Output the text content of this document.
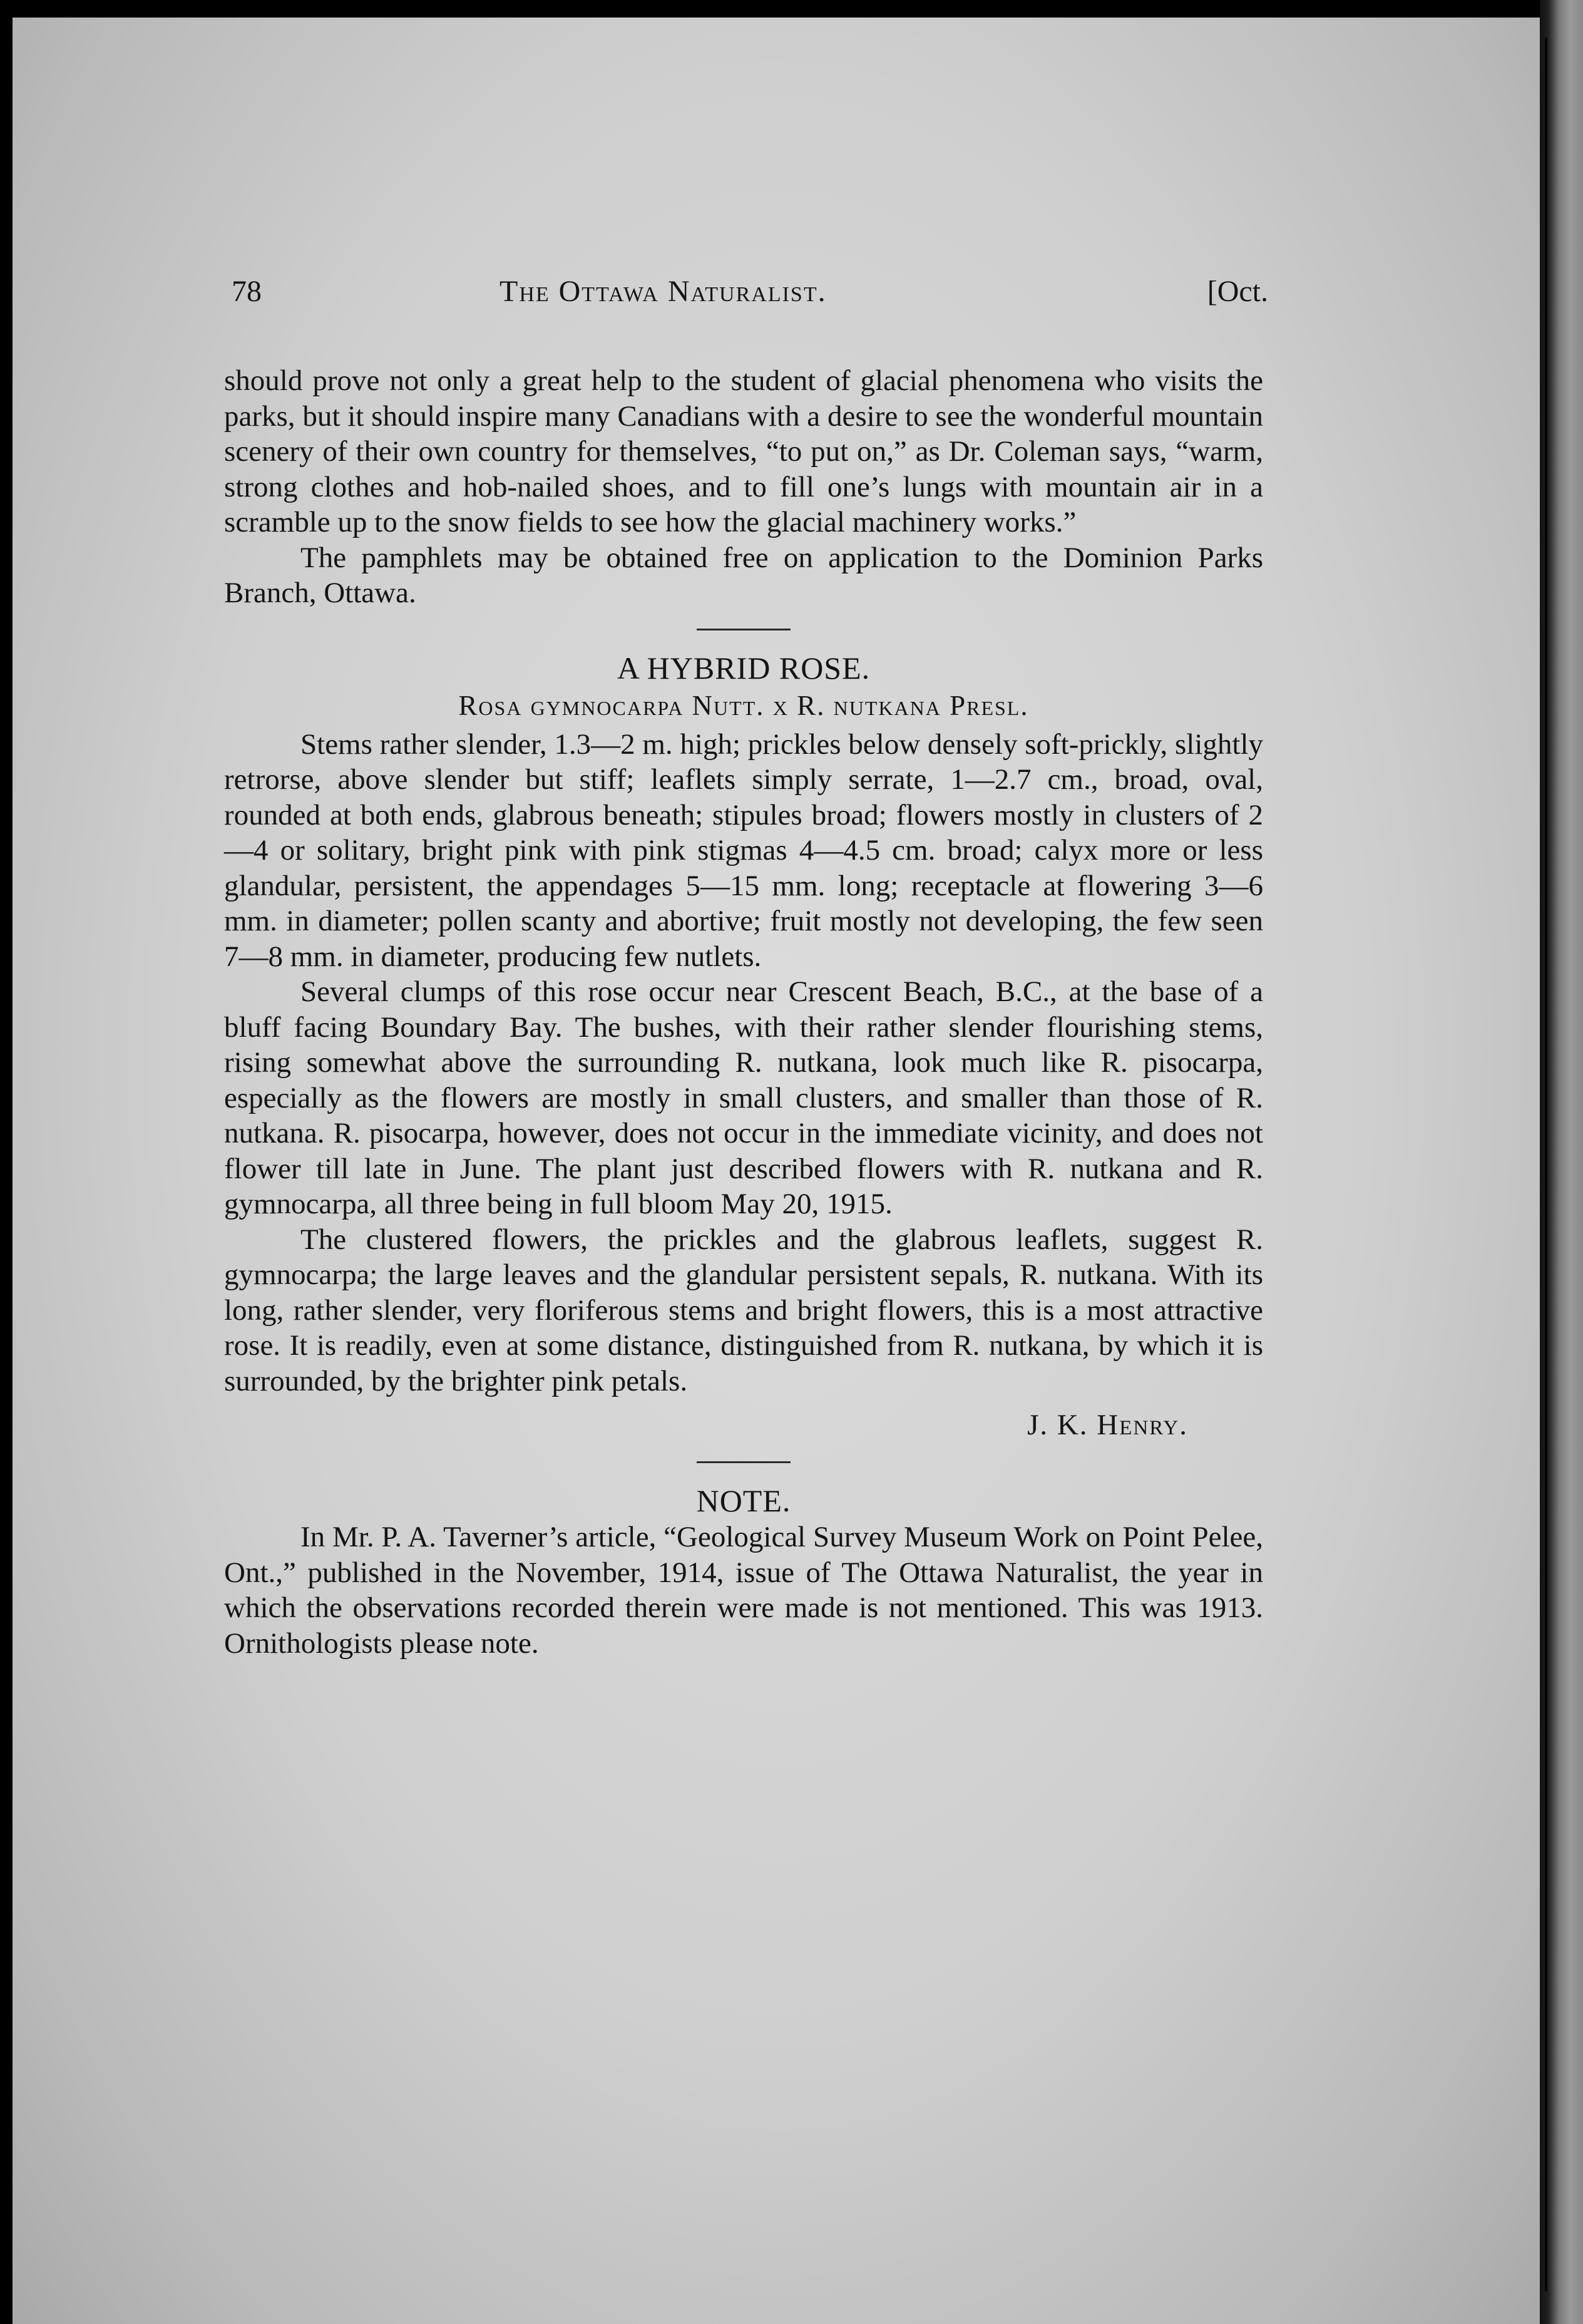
78	The Ottawa Naturalist.	[Oct.

should prove not only a great help to the student of glacial phenomena who visits the parks, but it should inspire many Canadians with a desire to see the wonderful mountain scenery of their own country for themselves, “to put on,” as Dr. Coleman says, “warm, strong clothes and hob-nailed shoes, and to fill one’s lungs with mountain air in a scramble up to the snow fields to see how the glacial machinery works.”

The pamphlets may be obtained free on application to the Dominion Parks Branch, Ottawa.

A HYBRID ROSE.
Rosa gymnocarpa Nutt. x R. nutkana Presl.

Stems rather slender, 1.3—2 m. high; prickles below densely soft-prickly, slightly retrorse, above slender but stiff; leaflets simply serrate, 1—2.7 cm., broad, oval, rounded at both ends, glabrous beneath; stipules broad; flowers mostly in clusters of 2—4 or solitary, bright pink with pink stigmas 4—4.5 cm. broad; calyx more or less glandular, persistent, the appendages 5—15 mm. long; receptacle at flowering 3—6 mm. in diameter; pollen scanty and abortive; fruit mostly not developing, the few seen 7—8 mm. in diameter, producing few nutlets.

Several clumps of this rose occur near Crescent Beach, B.C., at the base of a bluff facing Boundary Bay. The bushes, with their rather slender flourishing stems, rising somewhat above the surrounding R. nutkana, look much like R. pisocarpa, especially as the flowers are mostly in small clusters, and smaller than those of R. nutkana. R. pisocarpa, however, does not occur in the immediate vicinity, and does not flower till late in June. The plant just described flowers with R. nutkana and R. gymnocarpa, all three being in full bloom May 20, 1915.

The clustered flowers, the prickles and the glabrous leaflets, suggest R. gymnocarpa; the large leaves and the glandular persistent sepals, R. nutkana. With its long, rather slender, very floriferous stems and bright flowers, this is a most attractive rose. It is readily, even at some distance, distinguished from R. nutkana, by which it is surrounded, by the brighter pink petals.

J. K. Henry.
NOTE.

In Mr. P. A. Taverner’s article, “Geological Survey Museum Work on Point Pelee, Ont.,” published in the November, 1914, issue of The Ottawa Naturalist, the year in which the observations recorded therein were made is not mentioned. This was 1913. Ornithologists please note.
